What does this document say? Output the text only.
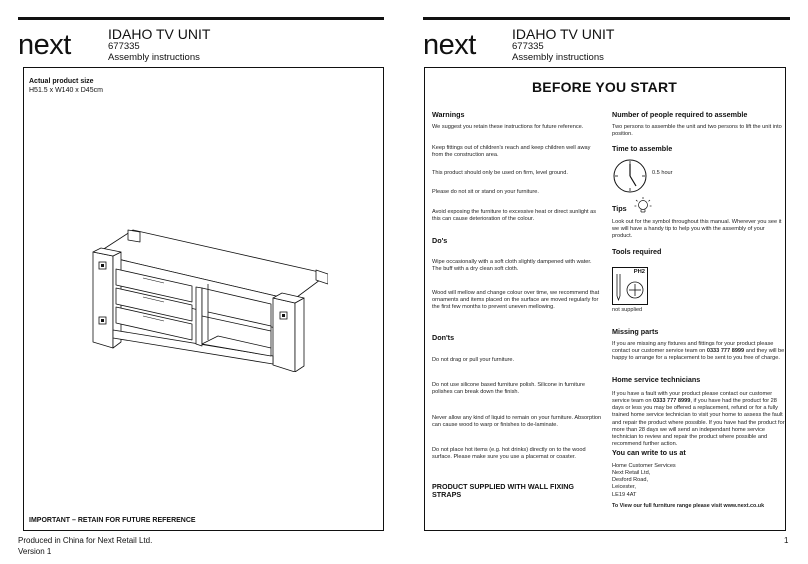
next	IDAHO TV UNIT
677335
Assembly instructions
Actual product size
H51.5 x W140 x D45cm
IMPORTANT – RETAIN FOR FUTURE REFERENCE
Produced in China for Next Retail Ltd.
Version 1
next	IDAHO TV UNIT
677335
Assembly instructions
BEFORE YOU START
Warnings
We suggest you retain these instructions for future reference.
Keep fittings out of children's reach and keep children well away from the construction area.
This product should only be used on firm, level ground.
Please do not sit or stand on your furniture.
Avoid exposing the furniture to excessive heat or direct sunlight as this can cause deterioration of the colour.
Do's
Wipe occasionally with a soft cloth slightly dampened with water. The buff with a dry clean soft cloth.
Wood will mellow and change colour over time, we recommend that ornaments and items placed on the surface are moved regularly for the first few months to prevent uneven mellowing.
Don'ts
Do not drag or pull your furniture.
Do not use silicone based furniture polish. Silicone in furniture polishes can break down the finish.
Never allow any kind of liquid to remain on your furniture. Absorption can cause wood to warp or finishes to de-laminate.
Do not place hot items (e.g. hot drinks) directly on to the wood surface. Please make sure you use a placemat or coaster.
PRODUCT SUPPLIED WITH WALL FIXING STRAPS
Number of people required to assemble
Two persons to assemble the unit and two persons to lift the unit into position.
Time to assemble
0.5 hour
Tips
Look out for the symbol throughout this manual. Wherever you see it we will have a handy tip to help you with the assembly of your product.
Tools required
PH2
not supplied
Missing parts
If you are missing any fixtures and fittings for your product please contact our customer service team on 0333 777 8999 and they will be happy to arrange for a replacement to be sent to you free of charge.
Home service technicians
If you have a fault with your product please contact our customer service team on 0333 777 8999, if you have had the product for 28 days or less you may be offered a replacement, refund or for a fully trained home service technician to visit your home to assess the fault and repair the product where possible. If you have had the product for more than 28 days we will send an independant home service technician to review and repair the product where possible and recommend further action.
You can write to us at
Home Customer Services
Next Retail Ltd,
Desford Road,
Leicester,
LE19 4AT
To View our full furniture range please visit www.next.co.uk
1
